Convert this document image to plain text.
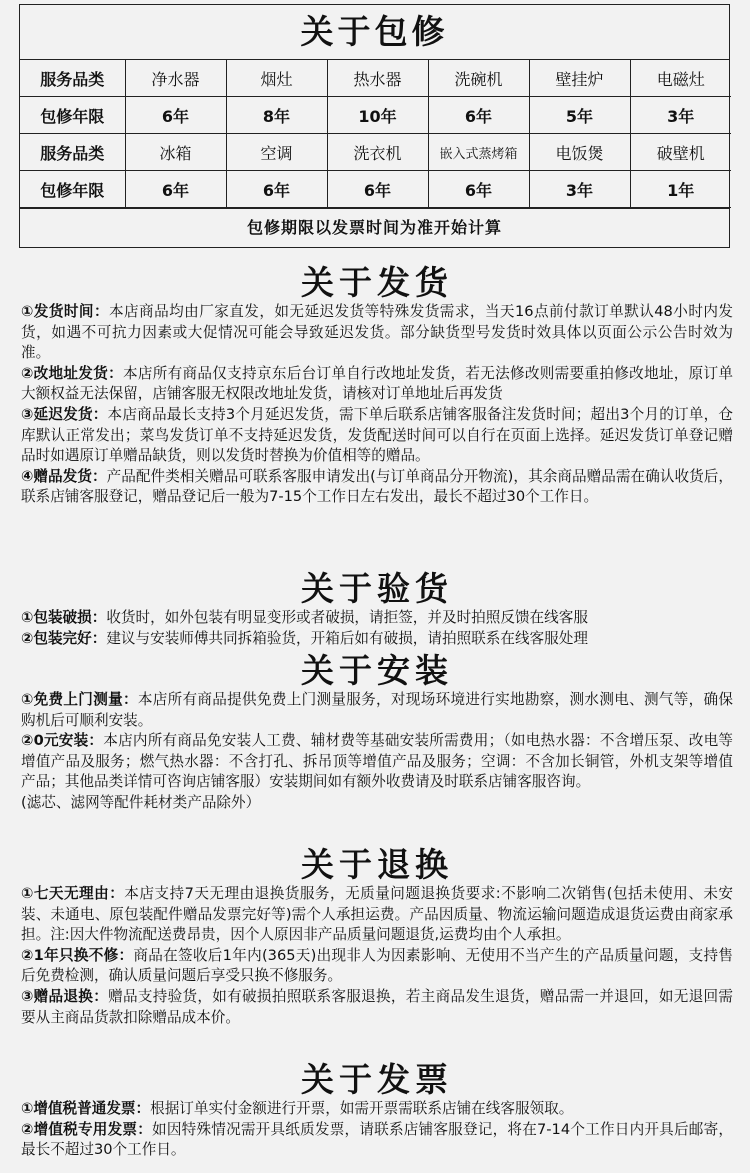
关于包修
服务品类	净水器	烟灶	热水器	洗碗机	壁挂炉	电磁灶
包修年限	6年	8年	10年	6年	5年	3年
服务品类	冰箱	空调	洗衣机	嵌入式蒸烤箱	电饭煲	破壁机
包修年限	6年	6年	6年	6年	3年	1年
包修期限以发票时间为准开始计算
关于发货

①发货时间：本店商品均由厂家直发，如无延迟发货等特殊发货需求，当天16点前付款订单默认48小时内发货，如遇不可抗力因素或大促情况可能会导致延迟发货。部分缺货型号发货时效具体以页面公示公告时效为准。

②改地址发货：本店所有商品仅支持京东后台订单自行改地址发货，若无法修改则需要重拍修改地址，原订单大额权益无法保留，店铺客服无权限改地址发货，请核对订单地址后再发货

③延迟发货：本店商品最长支持3个月延迟发货，需下单后联系店铺客服备注发货时间；超出3个月的订单，仓库默认正常发出；菜鸟发货订单不支持延迟发货，发货配送时间可以自行在页面上选择。延迟发货订单登记赠品时如遇原订单赠品缺货，则以发货时替换为价值相等的赠品。

④赠品发货：产品配件类相关赠品可联系客服申请发出(与订单商品分开物流)，其余商品赠品需在确认收货后，联系店铺客服登记，赠品登记后一般为7-15个工作日左右发出，最长不超过30个工作日。

关于验货

①包装破损：收货时，如外包装有明显变形或者破损，请拒签，并及时拍照反馈在线客服

②包装完好：建议与安装师傅共同拆箱验货，开箱后如有破损，请拍照联系在线客服处理

关于安装

①免费上门测量：本店所有商品提供免费上门测量服务，对现场环境进行实地勘察，测水测电、测气等，确保购机后可顺利安装。

②0元安装：本店内所有商品免安装人工费、辅材费等基础安装所需费用；（如电热水器：不含增压泵、改电等增值产品及服务；燃气热水器：不含打孔、拆吊顶等增值产品及服务；空调：不含加长铜管，外机支架等增值产品；其他品类详情可咨询店铺客服）安装期间如有额外收费请及时联系店铺客服咨询。

(滤芯、滤网等配件耗材类产品除外）

关于退换

①七天无理由：本店支持7天无理由退换货服务，无质量问题退换货要求:不影响二次销售(包括未使用、未安装、未通电、原包装配件赠品发票完好等)需个人承担运费。产品因质量、物流运输问题造成退货运费由商家承担。注:因大件物流配送费昂贵，因个人原因非产品质量问题退货,运费均由个人承担。

②1年只换不修：商品在签收后1年内(365天)出现非人为因素影响、无使用不当产生的产品质量问题，支持售后免费检测，确认质量问题后享受只换不修服务。

③赠品退换：赠品支持验货，如有破损拍照联系客服退换，若主商品发生退货，赠品需一并退回，如无退回需要从主商品货款扣除赠品成本价。

关于发票

①增值税普通发票：根据订单实付金额进行开票，如需开票需联系店铺在线客服领取。

②增值税专用发票：如因特殊情况需开具纸质发票，请联系店铺客服登记，将在7-14个工作日内开具后邮寄，最长不超过30个工作日。
